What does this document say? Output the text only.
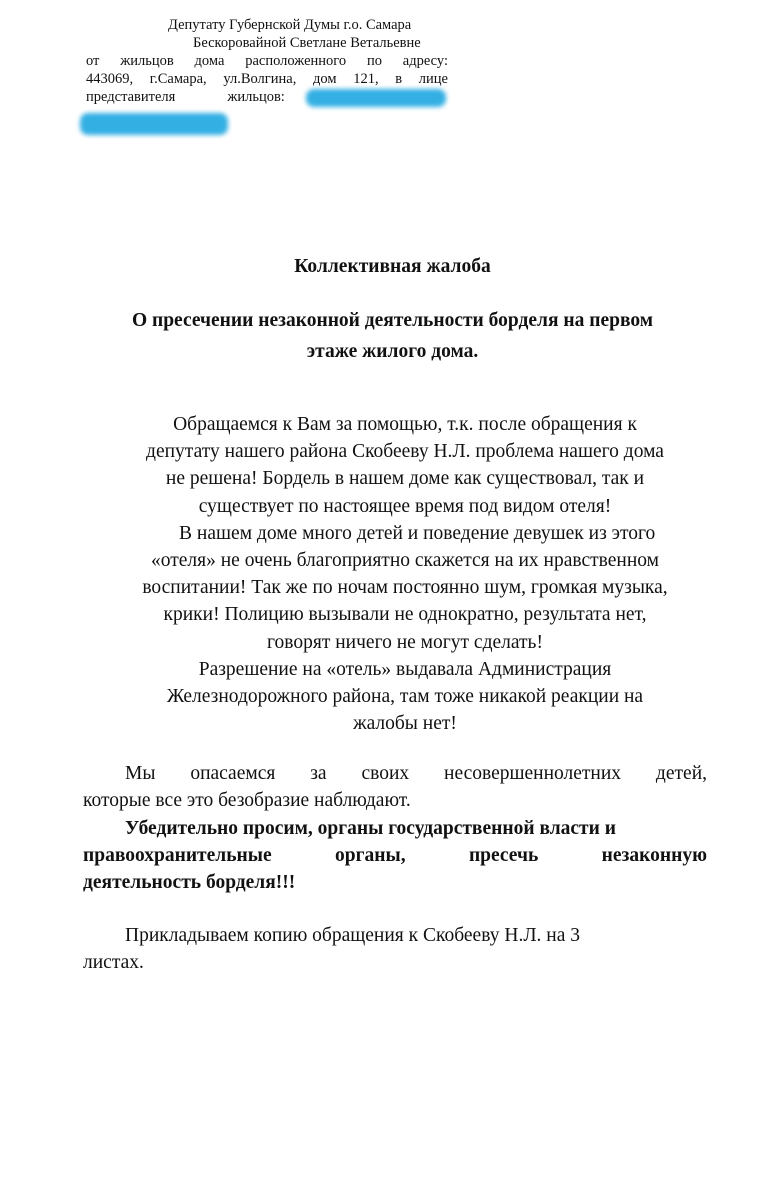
Депутату Губернской Думы г.о. Самара
Бескоровайной Светлане Ветальевне
от жильцов дома расположенного по адресу:
443069, г.Самара, ул.Волгина, дом 121, в лице
представителя	жильцов:
Коллективная жалоба
О пресечении незаконной деятельности борделя на первом
этаже жилого дома.
Обращаемся к Вам за помощью, т.к. после обращения к
депутату нашего района Скобееву Н.Л. проблема нашего дома
не решена! Бордель в нашем доме как существовал, так и
существует по настоящее время под видом отеля!
В нашем доме много детей и поведение девушек из этого
«отеля» не очень благоприятно скажется на их нравственном
воспитании! Так же по ночам постоянно шум, громкая музыка,
крики! Полицию вызывали не однократно, результата нет,
говорят ничего не могут сделать!
Разрешение на «отель» выдавала Администрация
Железнодорожного района, там тоже никакой реакции на
жалобы нет!
Мы опасаемся за своих несовершеннолетних детей,
которые все это безобразие наблюдают.
Убедительно просим, органы государственной власти и
правоохранительные органы, пресечь незаконную
деятельность борделя!!!
Прикладываем копию обращения к Скобееву Н.Л. на 3
листах.
